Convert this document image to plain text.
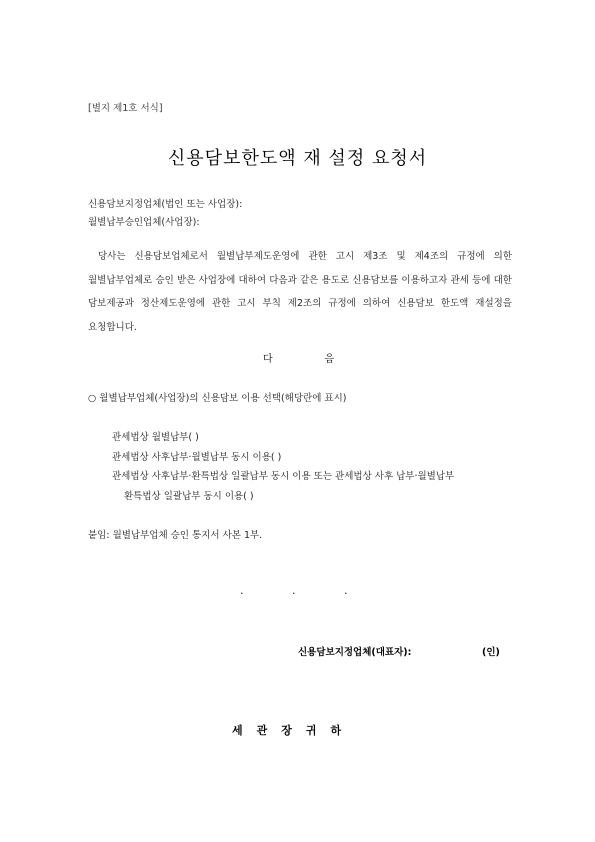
[별지 제1호 서식]
신용담보한도액 재 설정 요청서
신용담보지정업체(법인 또는 사업장):
월별납부승인업체(사업장):
당사는 신용담보업체로서 월별납부제도운영에 관한 고시 제3조 및 제4조의 규정에 의한 월별납부업체로 승인 받은 사업장에 대하여 다음과 같은 용도로 신용담보를 이용하고자 관세 등에 대한 담보제공과 정산제도운영에 관한 고시 부칙 제2조의 규정에 의하여 신용담보 한도액 재설정을 요청합니다.
다음
○ 월별납부업체(사업장)의 신용담보 이용 선택(해당란에 표시)
관세법상 월별납부( )
관세법상 사후납부·월별납부 동시 이용( )
관세법상 사후납부·환특법상 일괄납부 동시 이용 또는 관세법상 사후 납부·월별납부
환특법상 일괄납부 동시 이용( )
붙임: 월별납부업체 승인 통지서 사본 1부.
.	.	.
신용담보지정업체(대표자):	(인)
세관장귀하
